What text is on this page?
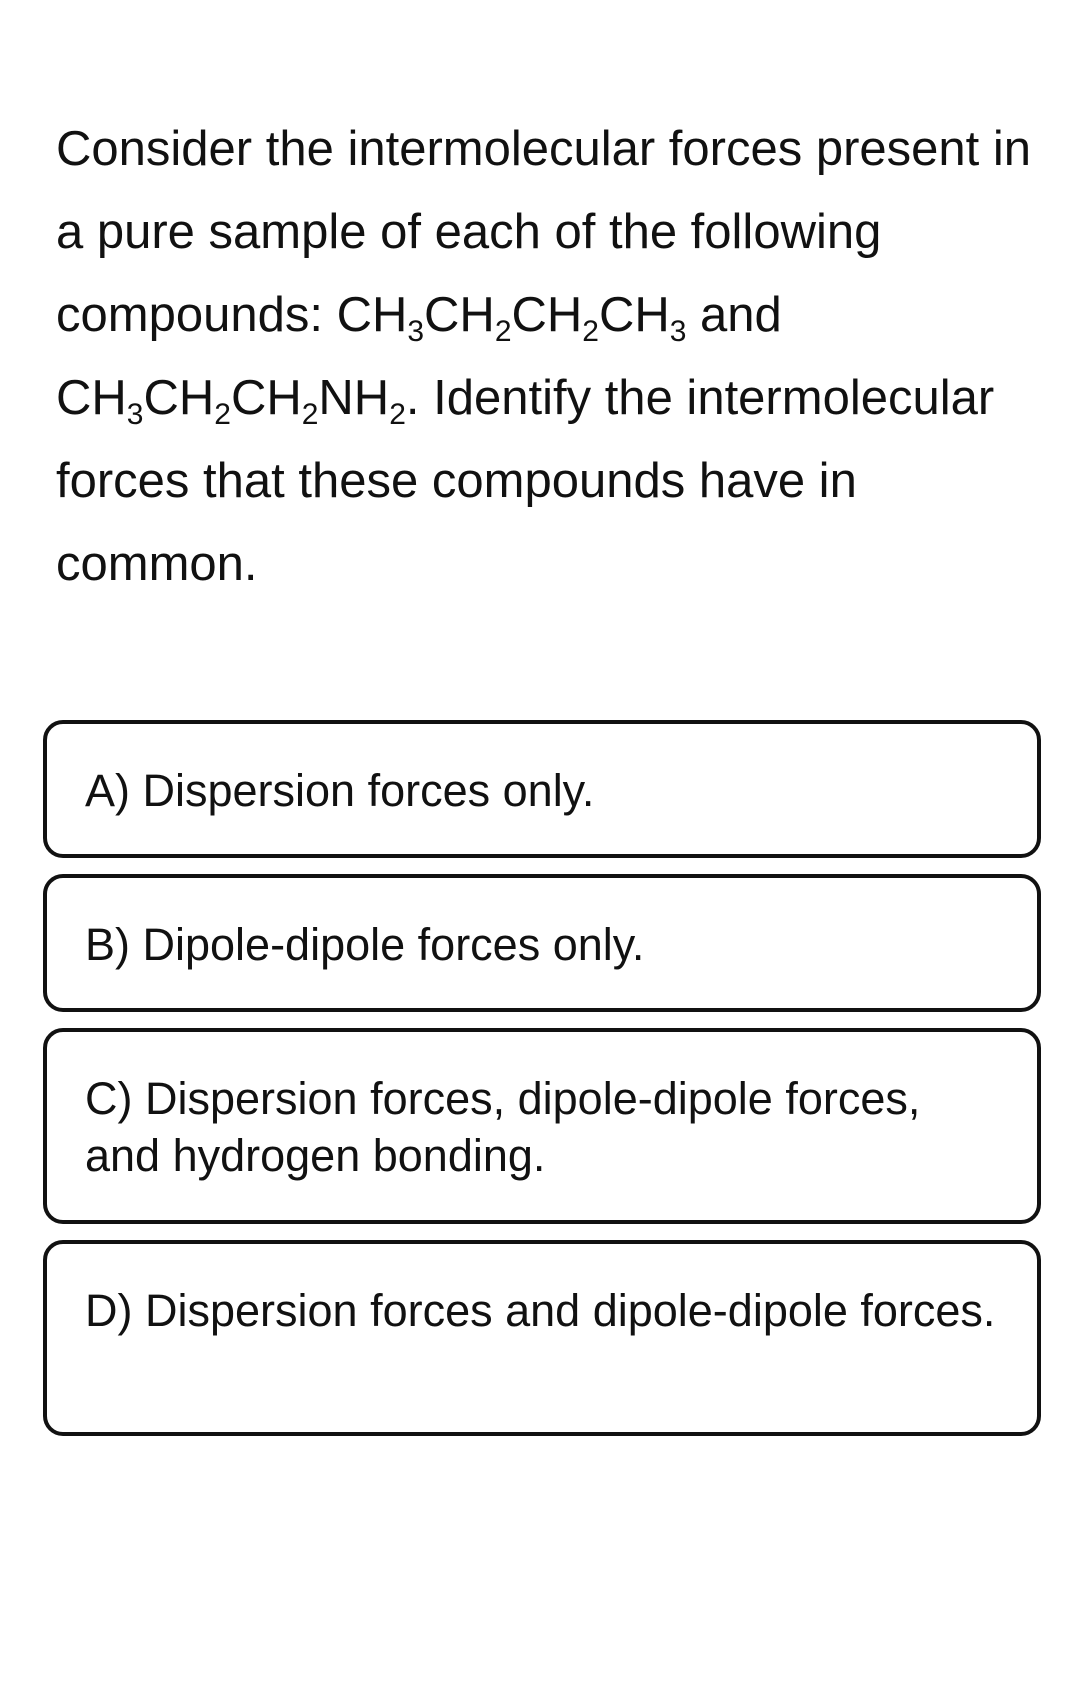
Consider the intermolecular forces present in a pure sample of each of the following compounds: $CH_3CH_2CH_2CH_3$ and $CH_3CH_2CH_2NH_2$. Identify the intermolecular forces that these compounds have in common.
A) Dispersion forces only.
B) Dipole-dipole forces only.
C) Dispersion forces, dipole-dipole forces, and hydrogen bonding.
D) Dispersion forces and dipole-dipole forces.
